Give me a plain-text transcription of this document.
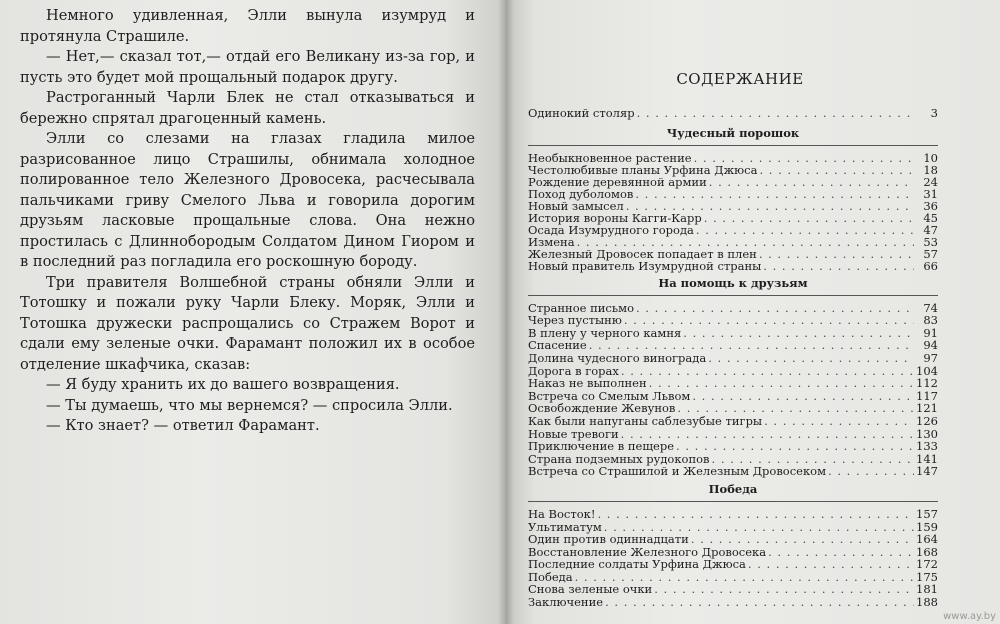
Немного удивленная, Элли вынула изумруд и протянула Страшиле.

— Нет,— сказал тот,— отдай его Великану из-за гор, и пусть это будет мой прощальный подарок другу.

Растроганный Чарли Блек не стал отказываться и бережно спрятал драгоценный камень.

Элли со слезами на глазах гладила милое разрисованное лицо Страшилы, обнимала холодное полированное тело Железного Дровосека, расчесывала пальчиками гриву Смелого Льва и говорила дорогим друзьям ласковые прощальные слова. Она нежно простилась с Длиннобородым Солдатом Дином Гиором и в последний раз погладила его роскошную бороду.

Три правителя Волшебной страны обняли Элли и Тотошку и пожали руку Чарли Блеку. Моряк, Элли и Тотошка дружески распрощались со Стражем Ворот и сдали ему зеленые очки. Фарамант положил их в особое отделение шкафчика, сказав:

— Я буду хранить их до вашего возвращения.

— Ты думаешь, что мы вернемся? — спросила Элли.

— Кто знает? — ответил Фарамант.

СОДЕРЖАНИЕ
Одинокий столяр . . .	3
Чудесный порошок
Необыкновенное растение . . .	10
Честолюбивые планы Урфина Джюса . . .	18
Рождение деревянной армии . . .	24
Поход дуболомов . . .	31
Новый замысел . . .	36
История вороны Кагги-Карр . . .	45
Осада Изумрудного города . . .	47
Измена . . .	53
Железный Дровосек попадает в плен . . .	57
Новый правитель Изумрудной страны . . .	66
На помощь к друзьям
Странное письмо . . .	74
Через пустыню . . .	83
В плену у черного камня . . .	91
Спасение . . .	94
Долина чудесного винограда . . .	97
Дорога в горах . . .	104
Наказ не выполнен . . .	112
Встреча со Смелым Львом . . .	117
Освобождение Жевунов . . .	121
Как были напуганы саблезубые тигры . . .	126
Новые тревоги . . .	130
Приключение в пещере . . .	133
Страна подземных рудокопов . . .	141
Встреча со Страшилой и Железным Дровосеком . . .	147
Победа
На Восток! . . .	157
Ультиматум . . .	159
Один против одиннадцати . . .	164
Восстановление Железного Дровосека . . .	168
Последние солдаты Урфина Джюса . . .	172
Победа . . .	175
Снова зеленые очки . . .	181
Заключение . . .	188
www.ay.by
